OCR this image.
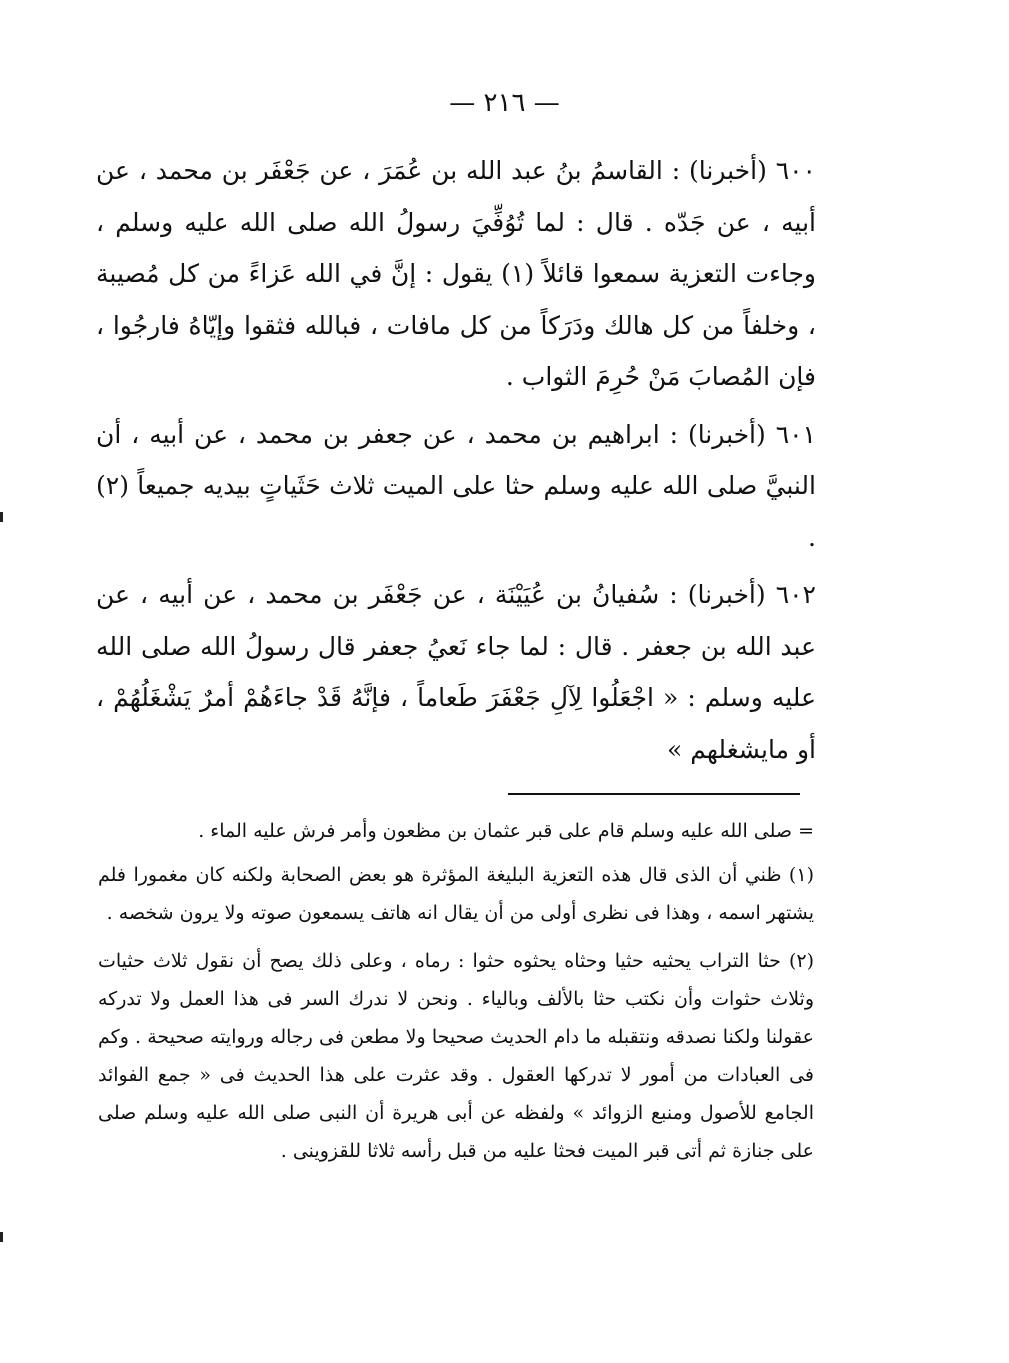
— ٢١٦ —

٦٠٠ (أخبرنا) : القاسمُ بنُ عبد الله بن عُمَرَ ، عن جَعْفَر بن محمد ، عن أبيه ، عن جَدّه . قال : لما تُوُفِّيَ رسولُ الله صلى الله عليه وسلم ، وجاءت التعزية سمعوا قائلاً (١) يقول : إنَّ في الله عَزاءً من كل مُصيبة ، وخلفاً من كل هالك ودَرَكاً من كل مافات ، فبالله فثقوا وإيّاهُ فارجُوا ، فإن المُصابَ مَنْ حُرِمَ الثواب .

٦٠١ (أخبرنا) : ابراهيم بن محمد ، عن جعفر بن محمد ، عن أبيه ، أن النبيَّ صلى الله عليه وسلم حثا على الميت ثلاث حَثَياتٍ بيديه جميعاً (٢) .

٦٠٢ (أخبرنا) : سُفيانُ بن عُيَيْنَة ، عن جَعْفَر بن محمد ، عن أبيه ، عن عبد الله بن جعفر . قال : لما جاء نَعيُ جعفر قال رسولُ الله صلى الله عليه وسلم : « اجْعَلُوا لِآلِ جَعْفَرَ طَعاماً ، فإنَّهُ قَدْ جاءَهُمْ أمرٌ يَشْغَلُهُمْ ، أو مايشغلهم »

= صلى الله عليه وسلم قام على قبر عثمان بن مظعون وأمر فرش عليه الماء .

(١) ظني أن الذى قال هذه التعزية البليغة المؤثرة هو بعض الصحابة ولكنه كان مغمورا فلم يشتهر اسمه ، وهذا فى نظرى أولى من أن يقال انه هاتف يسمعون صوته ولا يرون شخصه .

(٢) حثا التراب يحثيه حثيا وحثاه يحثوه حثوا : رماه ، وعلى ذلك يصح أن نقول ثلاث حثيات وثلاث حثوات وأن نكتب حثا بالألف وبالياء . ونحن لا ندرك السر فى هذا العمل ولا تدركه عقولنا ولكنا نصدقه ونتقبله ما دام الحديث صحيحا ولا مطعن فى رجاله وروايته صحيحة . وكم فى العبادات من أمور لا تدركها العقول . وقد عثرت على هذا الحديث فى « جمع الفوائد الجامع للأصول ومنبع الزوائد » ولفظه عن أبى هريرة أن النبى صلى الله عليه وسلم صلى على جنازة ثم أتى قبر الميت فحثا عليه من قبل رأسه ثلاثا للقزوينى .
